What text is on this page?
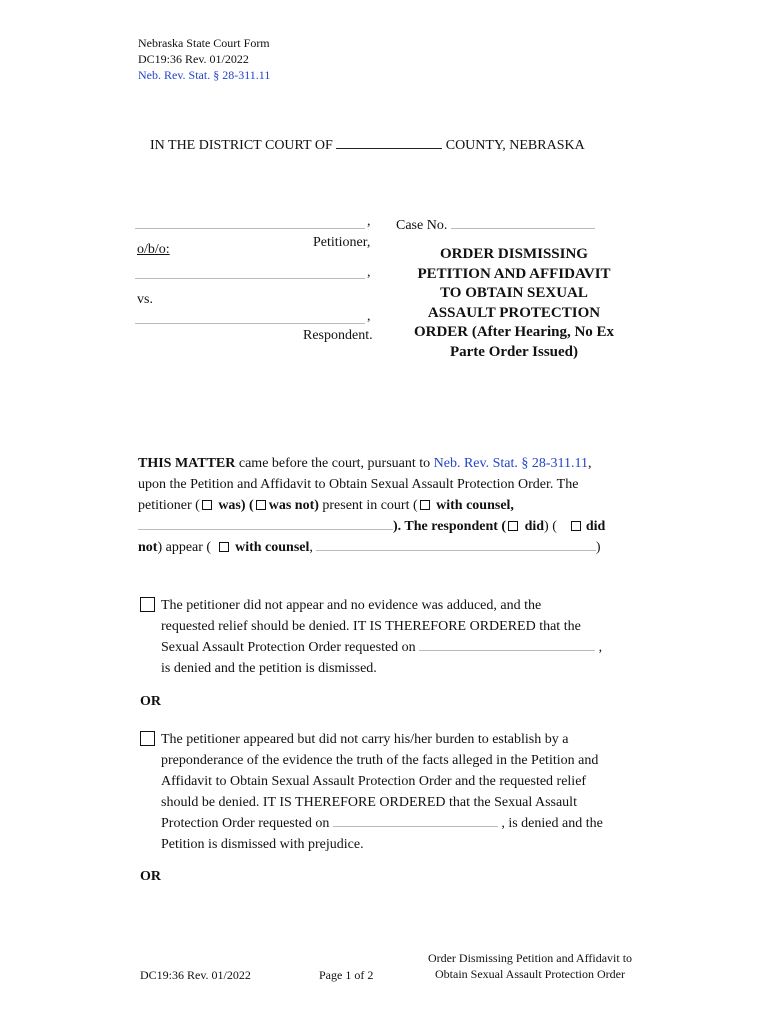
Nebraska State Court Form
DC19:36 Rev. 01/2022
Neb. Rev. Stat. § 28-311.11
IN THE DISTRICT COURT OF	COUNTY, NEBRASKA
,
Petitioner,
o/b/o:
,
vs.
,
Respondent.
Case No.
ORDER DISMISSING
PETITION AND AFFIDAVIT
TO OBTAIN SEXUAL
ASSAULT PROTECTION
ORDER (After Hearing, No Ex
Parte Order Issued)
THIS MATTER came before the court, pursuant to Neb. Rev. Stat. § 28-311.11,
upon the Petition and Affidavit to Obtain Sexual Assault Protection Order. The
petitioner ( was) ( was not) present in court ( with counsel,
). The respondent ( did) ( did
not) appear (  with counsel,	)
The petitioner did not appear and no evidence was adduced, and the
requested relief should be denied. IT IS THEREFORE ORDERED that the
Sexual Assault Protection Order requested on	,
is denied and the petition is dismissed.
OR
The petitioner appeared but did not carry his/her burden to establish by a
preponderance of the evidence the truth of the facts alleged in the Petition and
Affidavit to Obtain Sexual Assault Protection Order and the requested relief
should be denied. IT IS THEREFORE ORDERED that the Sexual Assault
Protection Order requested on	, is denied and the
Petition is dismissed with prejudice.
OR
DC19:36 Rev. 01/2022	Page 1 of 2
Order Dismissing Petition and Affidavit to
Obtain Sexual Assault Protection Order
